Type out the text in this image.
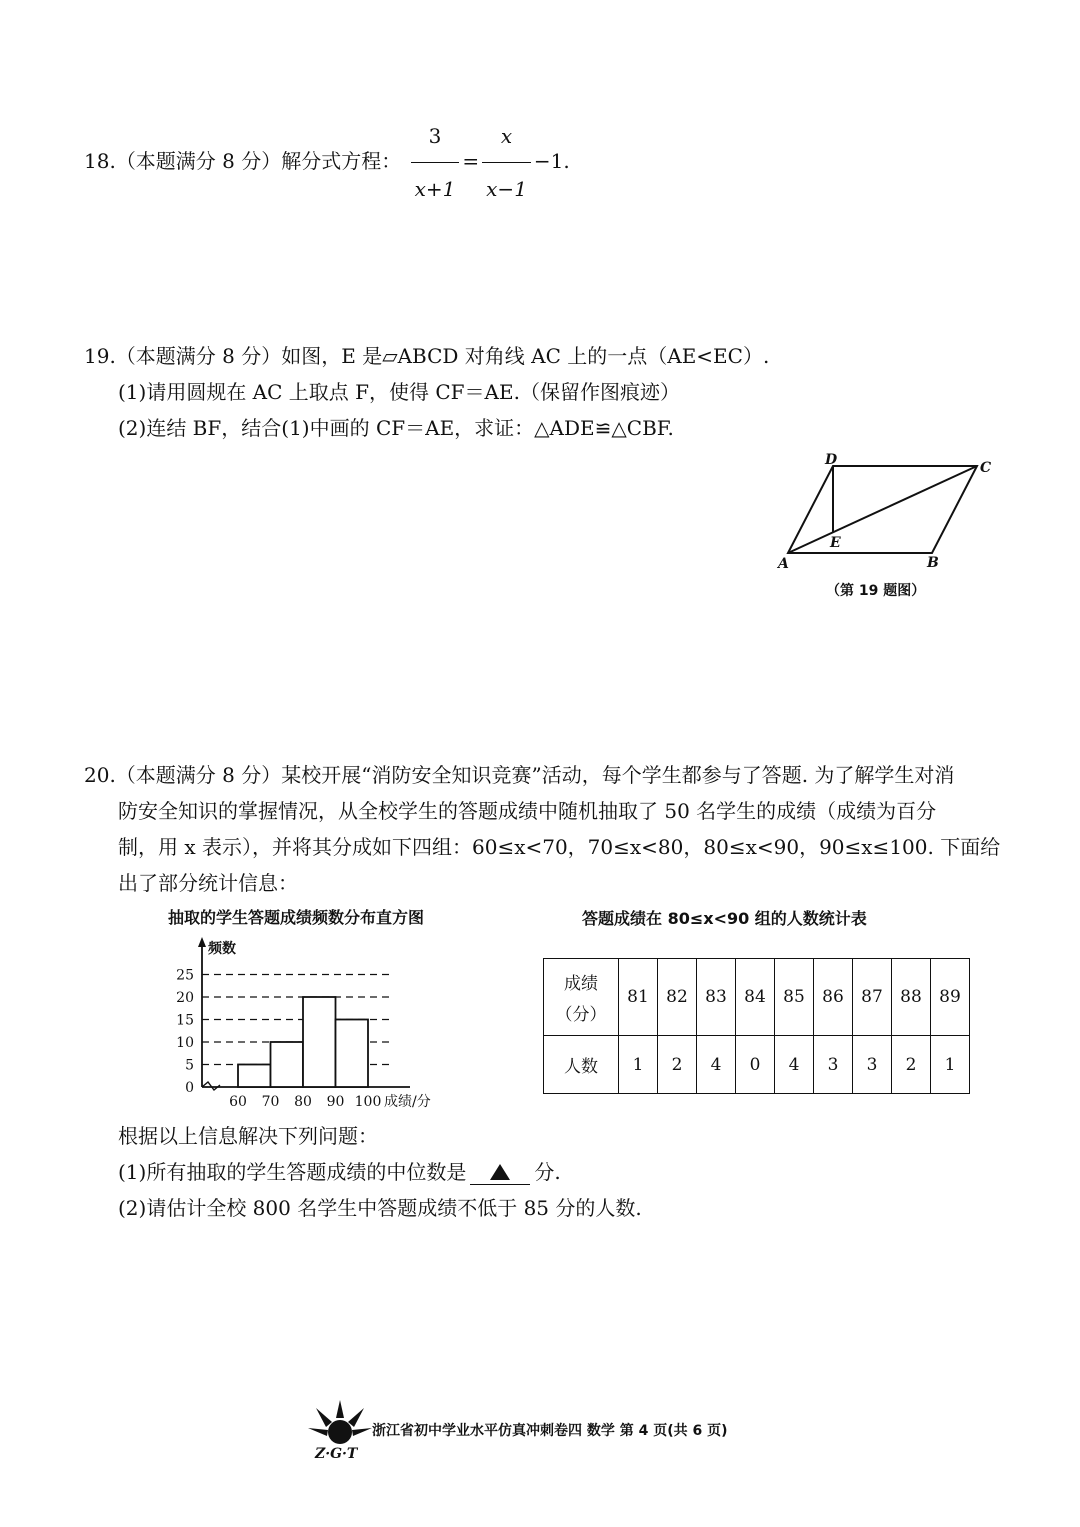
18.（本题满分 8 分）解分式方程： $\frac{3}{x+1} = \frac{x}{x-1} -1$.
19.（本题满分 8 分）如图，E 是▱ABCD 对角线 AC 上的一点（AE<EC）.
(1)请用圆规在 AC 上取点 F，使得 CF＝AE.（保留作图痕迹）
(2)连结 BF，结合(1)中画的 CF＝AE，求证：△ADE≌△CBF.
D	C
E
A	B
（第 19 题图）
20.（本题满分 8 分）某校开展“消防安全知识竞赛”活动，每个学生都参与了答题. 为了解学生对消
防安全知识的掌握情况，从全校学生的答题成绩中随机抽取了 50 名学生的成绩（成绩为百分
制，用 x 表示），并将其分成如下四组：60≤x<70，70≤x<80，80≤x<90，90≤x≤100. 下面给
出了部分统计信息：
抽取的学生答题成绩频数分布直方图
0
5
10
15
20
25
60 70 80 90 100
频数
成绩/分
答题成绩在 80≤x<90 组的人数统计表
成绩
（分）	81	82	83	84	85	86	87	88	89
人数	1	2	4	0	4	3	3	2	1
根据以上信息解决下列问题：
(1)所有抽取的学生答题成绩的中位数是	分.
(2)请估计全校 800 名学生中答题成绩不低于 85 分的人数.
Z·G·T
浙江省初中学业水平仿真冲刺卷四 数学 第 4 页(共 6 页)
